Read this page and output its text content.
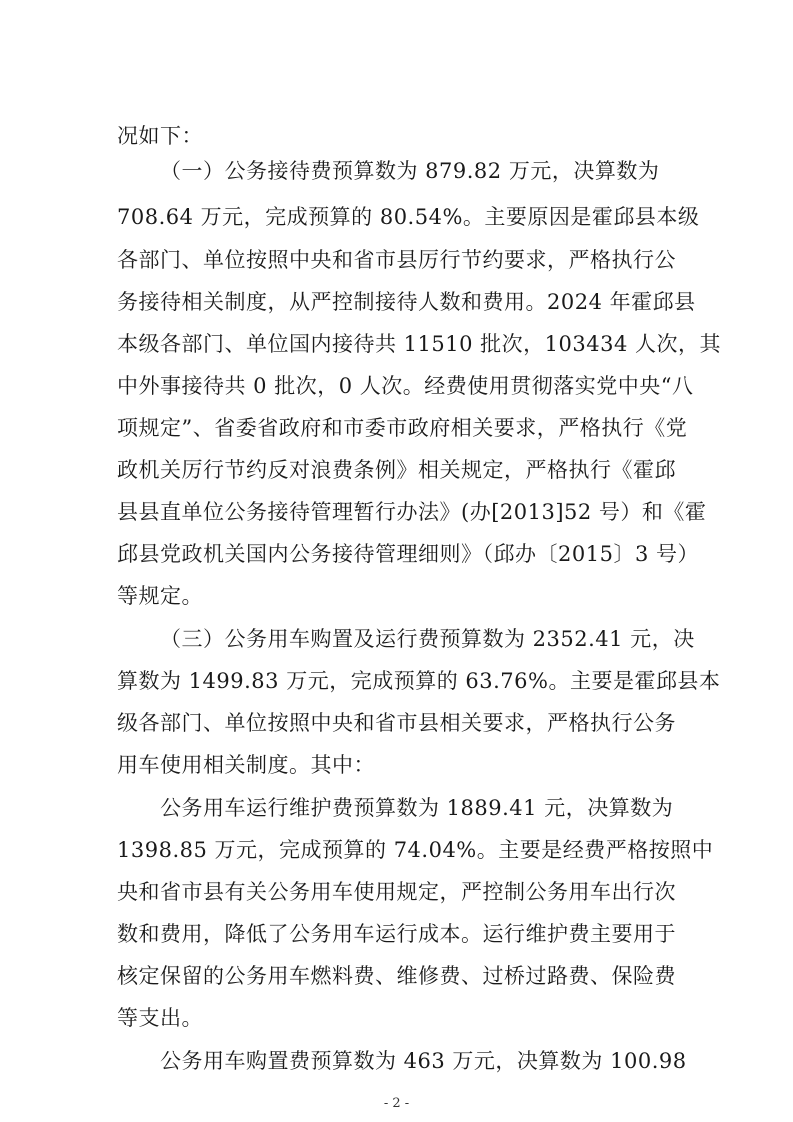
况如下：
（一）公务接待费预算数为 879.82 万元，决算数为
708.64 万元，完成预算的 80.54%。主要原因是霍邱县本级
各部门、单位按照中央和省市县厉行节约要求，严格执行公
务接待相关制度，从严控制接待人数和费用。2024 年霍邱县
本级各部门、单位国内接待共 11510 批次，103434 人次，其
中外事接待共 0 批次，0 人次。经费使用贯彻落实党中央“八
项规定”、省委省政府和市委市政府相关要求，严格执行《党
政机关厉行节约反对浪费条例》相关规定，严格执行《霍邱
县县直单位公务接待管理暂行办法》(办[2013]52 号）和《霍
邱县党政机关国内公务接待管理细则》（邱办〔2015〕3 号）
等规定。
（三）公务用车购置及运行费预算数为 2352.41 元，决
算数为 1499.83 万元，完成预算的 63.76%。主要是霍邱县本
级各部门、单位按照中央和省市县相关要求，严格执行公务
用车使用相关制度。其中：
公务用车运行维护费预算数为 1889.41 元，决算数为
1398.85 万元，完成预算的 74.04%。主要是经费严格按照中
央和省市县有关公务用车使用规定，严控制公务用车出行次
数和费用，降低了公务用车运行成本。运行维护费主要用于
核定保留的公务用车燃料费、维修费、过桥过路费、保险费
等支出。
公务用车购置费预算数为 463 万元，决算数为 100.98
- 2 -
